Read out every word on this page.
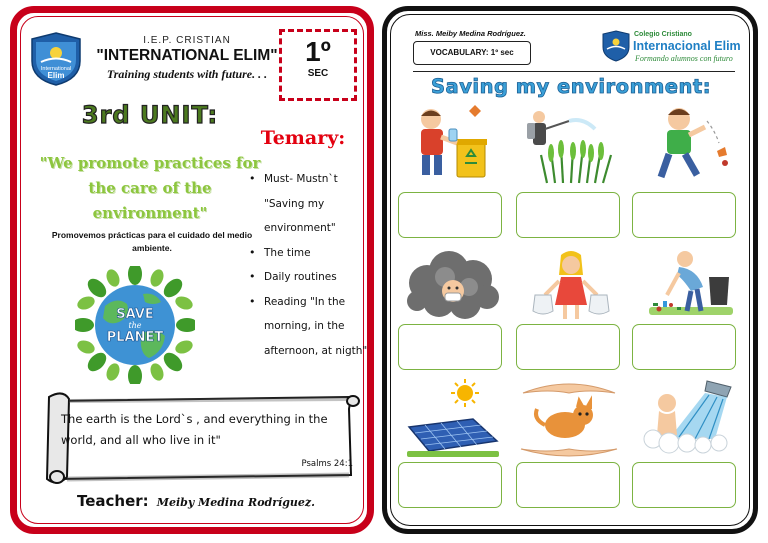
International
Elim
I.E.P. CRISTIAN
"INTERNATIONAL ELIM"
Training students with future. . .
1º
SEC
3rd UNIT:
"We promote practices for the care of the environment"
Promovemos prácticas para el cuidado del medio ambiente.
SAVE
the
PLANET
Temary:
• Must- Mustn`t "Saving my environment"
• The time
• Daily routines
• Reading "In the morning, in the afternoon, at nigth"
The earth is the Lord`s , and everything in the world, and all who live in it"
Psalms 24:1
Teacher: Meiby Medina Rodríguez.
Miss. Meiby Medina Rodríguez.
VOCABULARY: 1º sec
Colegio Cristiano
Internacional Elim
Formando alumnos con futuro
Saving my environment:
